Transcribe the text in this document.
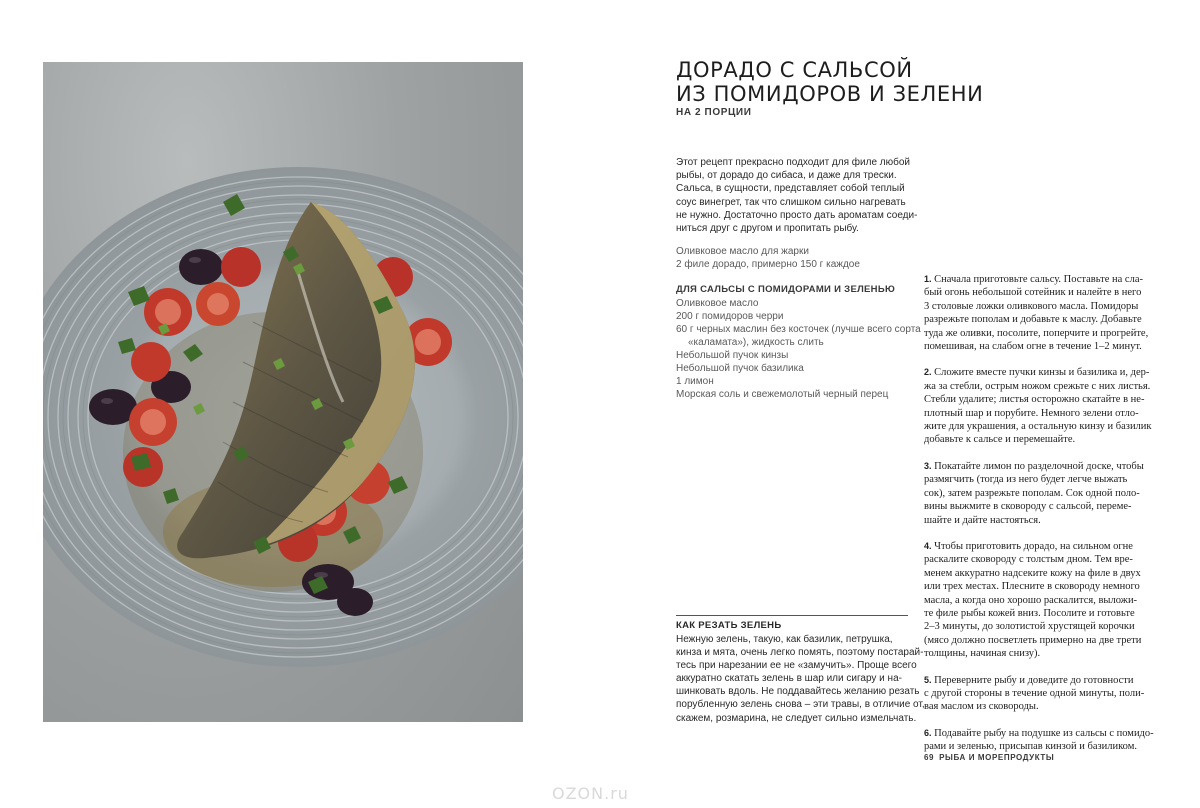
ДОРАДО С САЛЬСОЙ
ИЗ ПОМИДОРОВ И ЗЕЛЕНИ
НА 2 ПОРЦИИ
Этот рецепт прекрасно подходит для филе любой
рыбы, от дорадо до сибаса, и даже для трески.
Сальса, в сущности, представляет собой теплый
соус винегрет, так что слишком сильно нагревать
не нужно. Достаточно просто дать ароматам соеди-
ниться друг с другом и пропитать рыбу.
Оливковое масло для жарки
2 филе дорадо, примерно 150 г каждое
ДЛЯ САЛЬСЫ С ПОМИДОРАМИ И ЗЕЛЕНЬЮ
Оливковое масло
200 г помидоров черри
60 г черных маслин без косточек (лучше всего сорта
«каламата»), жидкость слить
Небольшой пучок кинзы
Небольшой пучок базилика
1 лимон
Морская соль и свежемолотый черный перец
КАК РЕЗАТЬ ЗЕЛЕНЬ
Нежную зелень, такую, как базилик, петрушка,
кинза и мята, очень легко помять, поэтому постарай-
тесь при нарезании ее не «замучить». Проще всего
аккуратно скатать зелень в шар или сигару и на-
шинковать вдоль. Не поддавайтесь желанию резать
порубленную зелень снова – эти травы, в отличие от,
скажем, розмарина, не следует сильно измельчать.
1. Сначала приготовьте сальсу. Поставьте на сла-
бый огонь небольшой сотейник и налейте в него
3 столовые ложки оливкового масла. Помидоры
разрежьте пополам и добавьте к маслу. Добавьте
туда же оливки, посолите, поперчите и прогрейте,
помешивая, на слабом огне в течение 1–2 минут.
2. Сложите вместе пучки кинзы и базилика и, дер-
жа за стебли, острым ножом срежьте с них листья.
Стебли удалите; листья осторожно скатайте в не-
плотный шар и порубите. Немного зелени отло-
жите для украшения, а остальную кинзу и базилик
добавьте к сальсе и перемешайте.
3. Покатайте лимон по разделочной доске, чтобы
размягчить (тогда из него будет легче выжать
сок), затем разрежьте пополам. Сок одной поло-
вины выжмите в сковороду с сальсой, переме-
шайте и дайте настояться.
4. Чтобы приготовить дорадо, на сильном огне
раскалите сковороду с толстым дном. Тем вре-
менем аккуратно надсеките кожу на филе в двух
или трех местах. Плесните в сковороду немного
масла, а когда оно хорошо раскалится, выложи-
те филе рыбы кожей вниз. Посолите и готовьте
2–3 минуты, до золотистой хрустящей корочки
(мясо должно посветлеть примерно на две трети
толщины, начиная снизу).
5. Переверните рыбу и доведите до готовности
с другой стороны в течение одной минуты, поли-
вая маслом из сковороды.
6. Подавайте рыбу на подушке из сальсы с помидо-
рами и зеленью, присыпав кинзой и базиликом.
69 РЫБА И МОРЕПРОДУКТЫ
OZON.ru
